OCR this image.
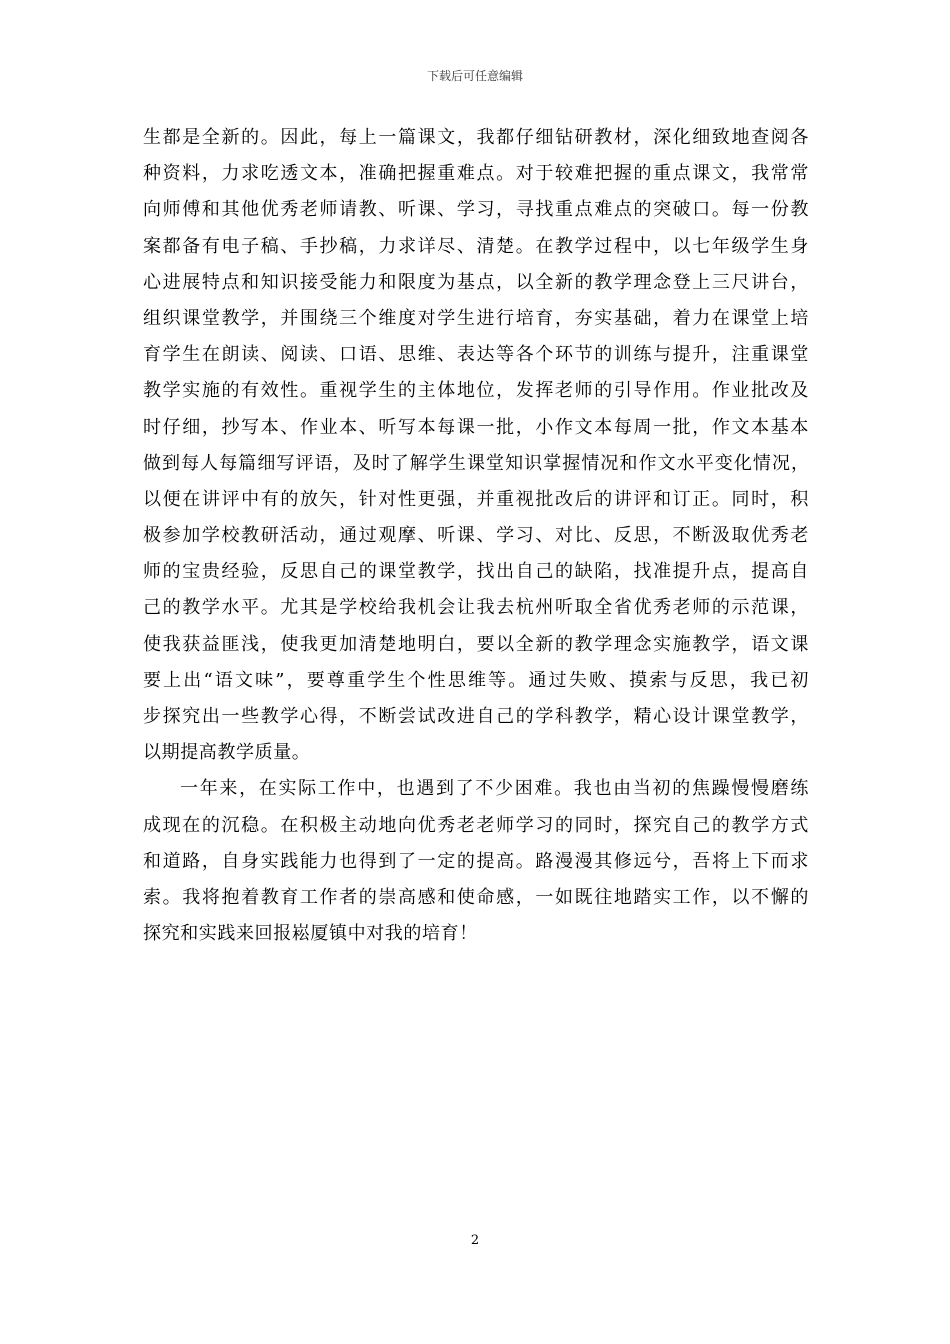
下载后可任意编辑
生都是全新的。因此，每上一篇课文，我都仔细钻研教材，深化细致地查阅各
种资料，力求吃透文本，准确把握重难点。对于较难把握的重点课文，我常常
向师傅和其他优秀老师请教、听课、学习，寻找重点难点的突破口。每一份教
案都备有电子稿、手抄稿，力求详尽、清楚。在教学过程中，以七年级学生身
心进展特点和知识接受能力和限度为基点，以全新的教学理念登上三尺讲台，
组织课堂教学，并围绕三个维度对学生进行培育，夯实基础，着力在课堂上培
育学生在朗读、阅读、口语、思维、表达等各个环节的训练与提升，注重课堂
教学实施的有效性。重视学生的主体地位，发挥老师的引导作用。作业批改及
时仔细，抄写本、作业本、听写本每课一批，小作文本每周一批，作文本基本
做到每人每篇细写评语，及时了解学生课堂知识掌握情况和作文水平变化情况，
以便在讲评中有的放矢，针对性更强，并重视批改后的讲评和订正。同时，积
极参加学校教研活动，通过观摩、听课、学习、对比、反思，不断汲取优秀老
师的宝贵经验，反思自己的课堂教学，找出自己的缺陷，找准提升点，提高自
己的教学水平。尤其是学校给我机会让我去杭州听取全省优秀老师的示范课，
使我获益匪浅，使我更加清楚地明白，要以全新的教学理念实施教学，语文课
要上出“语文味”，要尊重学生个性思维等。通过失败、摸索与反思，我已初
步探究出一些教学心得，不断尝试改进自己的学科教学，精心设计课堂教学，
以期提高教学质量。
一年来，在实际工作中，也遇到了不少困难。我也由当初的焦躁慢慢磨练
成现在的沉稳。在积极主动地向优秀老老师学习的同时，探究自己的教学方式
和道路，自身实践能力也得到了一定的提高。路漫漫其修远兮，吾将上下而求
索。我将抱着教育工作者的崇高感和使命感，一如既往地踏实工作，以不懈的
探究和实践来回报崧厦镇中对我的培育！
2
